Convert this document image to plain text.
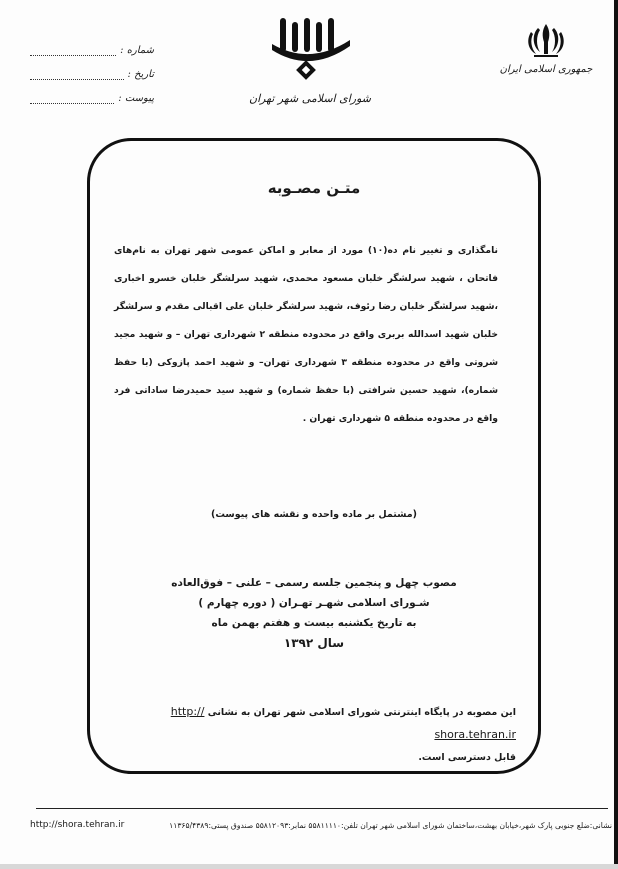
شماره :
تاریخ :
پیوست :	شورای اسلامی شهر تهران
جمهوری اسلامی ایران
متـن مصـوبه
نامگذاری و تغییر نام ده(۱۰) مورد از معابر و اماکن عمومی شهر تهران به نام‌های فاتحان ، شهید سرلشگر خلبان مسعود محمدی، شهید سرلشگر خلبان خسرو اخباری ،شهید سرلشگر خلبان رضا رئوف، شهید سرلشگر خلبان علی اقبالی مقدم و سرلشگر خلبان شهید اسدالله بربری واقع در محدوده منطقه ۲ شهرداری تهران – و شهید مجید شروتی واقع در محدوده منطقه ۳ شهرداری تهران– و شهید احمد پازوکی (با حفظ شماره)، شهید حسین شرافتی (با حفظ شماره) و شهید سید حمیدرضا ساداتی فرد واقع در محدوده منطقه ۵ شهرداری تهران .
(مشتمل بر ماده واحده و نقشه های پیوست)
مصوب چهل و پنجمین جلسه رسمی – علنی – فوق‌العاده
شـورای اسلامی شهـر تهـران ( دوره چهارم )
به تاریخ یکشنبه بیست و هفتم بهمن ماه
سال ۱۳۹۲
این مصوبه در پایگاه اینترنتی شورای اسلامی شهر تهران به نشانی http:// shora.tehran.ir
قابل دسترسی است.
http://shora.tehran.ir	نشانی:ضلع جنوبی پارک شهر،خیابان بهشت،ساختمان شورای اسلامی شهر تهران تلفن:۵۵۸۱۱۱۱۰ نمابر:۵۵۸۱۲۰۹۳ صندوق پستی:۱۱۳۶۵/۴۳۸۹
